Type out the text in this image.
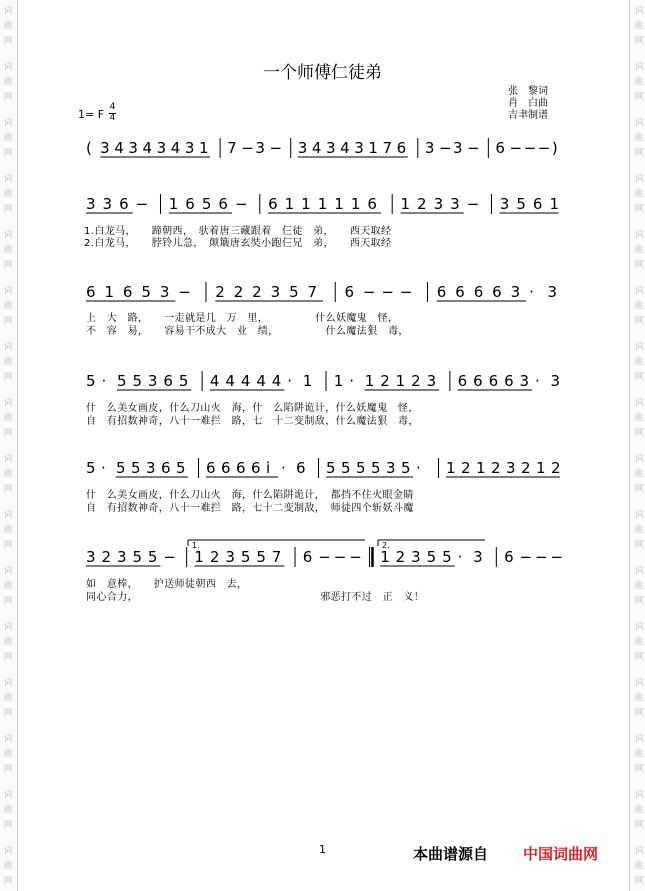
词
曲
网
词
曲
网
词
曲
网
词
曲
网
词
曲
网
词
曲
网
词
曲
网
词
曲
网
词
曲
网
词
曲
网
词
曲
网
词
曲
网
词
曲
网
词
曲
网
词
曲
网
词
曲
网
词
曲
网
词
曲
网
词
曲
网
词
曲
网
词
曲
网
词
曲
网
词
曲
网
词
曲
网
词
曲
网
词
曲
网
词
曲
网
词
曲
网
词
曲
网
词
曲
网
词
曲
网
词
曲
网
一个师傅仁徒弟
张　黎词
肖　白曲
吉聿制谱
1= F
4
4
( 3 4 3 4 3 4 3 1 7 − 3 − 3 4 3 4 3 1 7 6 3 − 3 − 6 − − − )
3 3 6 − 1 6 5 6 − 6 1 1 1 1 1 6 1 2 3 3 − 3 5 6 1
6 1 6 5 3 − 2 2 2 3 5 7 6 − − − 6 6 6 6 3 · 3
5 · 5 5 3 6 5 4 4 4 4 4 · 1 1 · 1 2 1 2 3 6 6 6 6 3 · 3
5 · 5 5 3 6 5 6 6 6 6 i · 6 5 5 5 5 3 5 · 1 2 1 2 3 2 1 2
3 2 3 5 5 − 1 2 3 5 5 7 6 − − − 1 2 3 5 5 · 3 6 − − −
1.	2.
1.白龙马，　　蹄朝西，　驮着唐三藏跟着　仨徒　弟，　　西天取经
2.白龙马，　　脖铃儿急，　颠簸唐玄奘小跑仨兄　弟，　　西天取经
上　大　路，　　一走就是几　万　里，　　　　　什么妖魔鬼　怪，
不　容　易，　　容易干不成大　业　绩，　　　　　什么魔法狠　毒，
什　么美女画皮，什么刀山火　海，什　么陷阱诡计，什么妖魔鬼　怪，
自　有招数神奇，八十一难拦　路，七　十二变制敌，什么魔法狠　毒，
什　么美女画皮，什么刀山火　海，什么陷阱诡计，　都挡不住火眼金睛
自　有招数神奇，八十一难拦　路，七十二变制敌，　师徒四个斩妖斗魔
如　意棒，　　护送师徒朝西　去，
同心合力，　　　　　　　　　　　　　　　　　　邪恶打不过　正　义！
1	本曲谱源自 中国词曲网
